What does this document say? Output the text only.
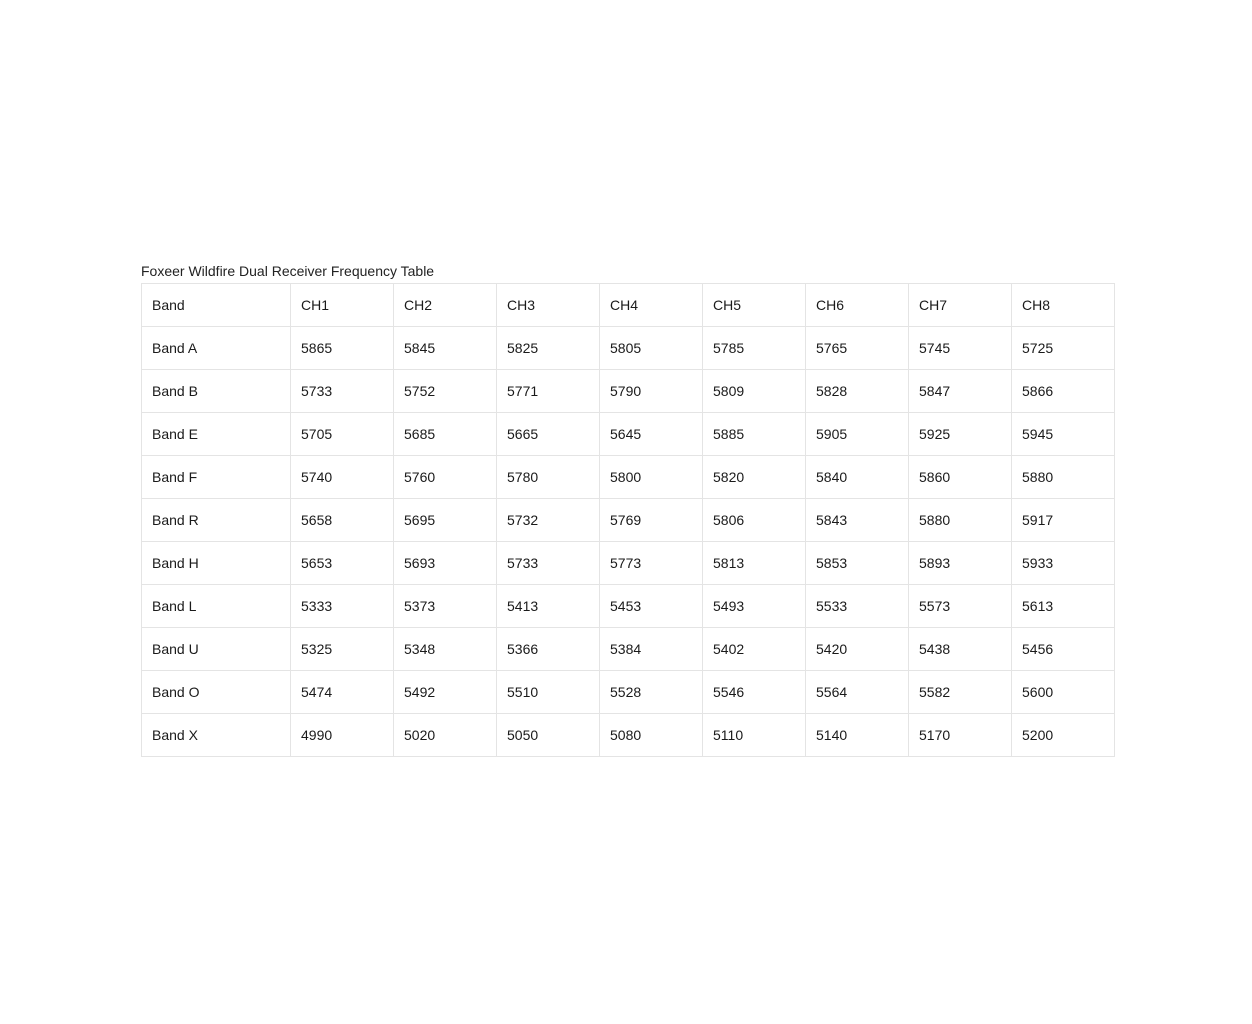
Foxeer Wildfire Dual Receiver Frequency Table
Band	CH1	CH2	CH3	CH4	CH5	CH6	CH7	CH8
Band A	5865	5845	5825	5805	5785	5765	5745	5725
Band B	5733	5752	5771	5790	5809	5828	5847	5866
Band E	5705	5685	5665	5645	5885	5905	5925	5945
Band F	5740	5760	5780	5800	5820	5840	5860	5880
Band R	5658	5695	5732	5769	5806	5843	5880	5917
Band H	5653	5693	5733	5773	5813	5853	5893	5933
Band L	5333	5373	5413	5453	5493	5533	5573	5613
Band U	5325	5348	5366	5384	5402	5420	5438	5456
Band O	5474	5492	5510	5528	5546	5564	5582	5600
Band X	4990	5020	5050	5080	5110	5140	5170	5200
